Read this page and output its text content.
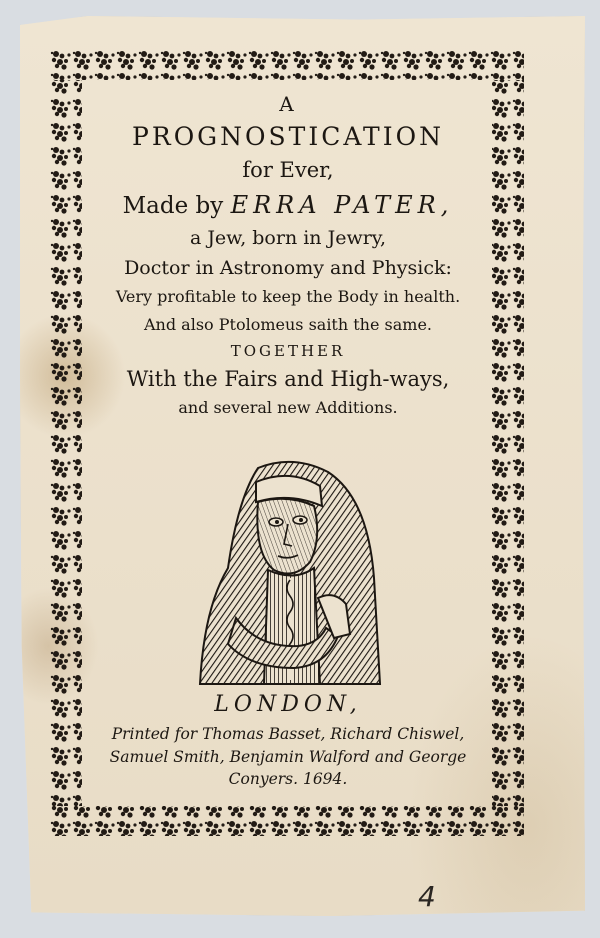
A
PROGNOSTICATION
for Ever,
Made by ERRA PATER,
a Jew, born in Jewry,
Doctor in Astronomy and Physick:
Very profitable to keep the Body in health.
And also Ptolomeus saith the same.
TOGETHER
With the Fairs and High-ways,
and several new Additions.
LONDON,
Printed for Thomas Basset, Richard Chiswel,
Samuel Smith, Benjamin Walford and George
Conyers. 1694.
4
